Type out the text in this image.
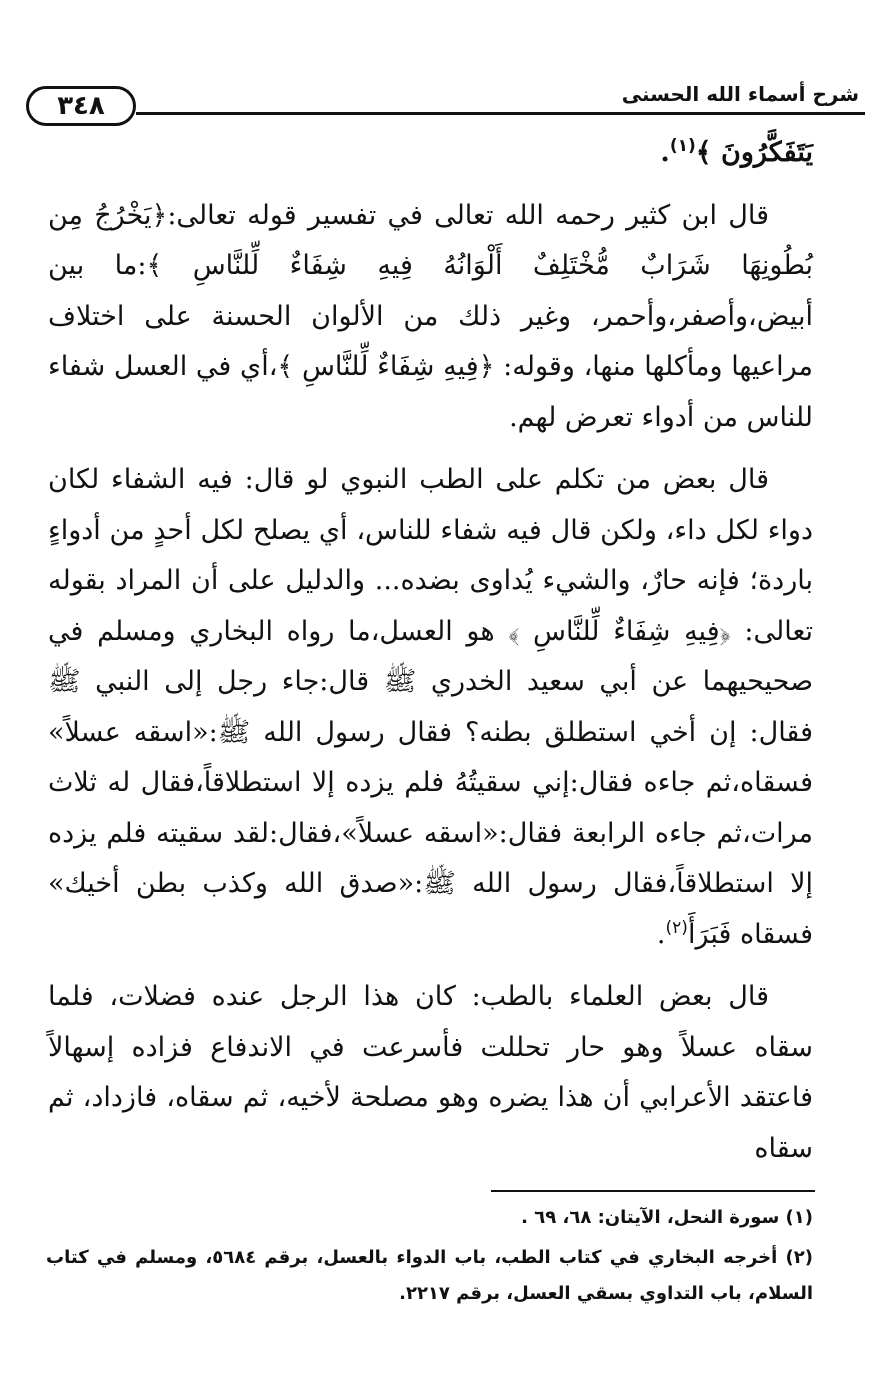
شرح أسماء الله الحسنى
٣٤٨

يَتَفَكَّرُونَ ﴾$^{(١)}$.

قال ابن كثير رحمه الله تعالى في تفسير قوله تعالى:﴿يَخْرُجُ مِن بُطُونِهَا شَرَابٌ مُّخْتَلِفٌ أَلْوَانُهُ فِيهِ شِفَاءٌ لِّلنَّاسِ ﴾:ما بين أبيض،وأصفر،وأحمر، وغير ذلك من الألوان الحسنة على اختلاف مراعيها ومأكلها منها، وقوله: ﴿فِيهِ شِفَاءٌ لِّلنَّاسِ ﴾،أي في العسل شفاء للناس من أدواء تعرض لهم.

قال بعض من تكلم على الطب النبوي لو قال: فيه الشفاء لكان دواء لكل داء، ولكن قال فيه شفاء للناس، أي يصلح لكل أحدٍ من أدواءٍ باردة؛ فإنه حارٌ، والشيء يُداوى بضده... والدليل على أن المراد بقوله تعالى: ﴿فِيهِ شِفَاءٌ لِّلنَّاسِ ﴾ هو العسل،ما رواه البخاري ومسلم في صحيحيهما عن أبي سعيد الخدري ﷺ قال:جاء رجل إلى النبي ﷺ فقال: إن أخي استطلق بطنه؟ فقال رسول الله ﷺ:«اسقه عسلاً» فسقاه،ثم جاءه فقال:إني سقيتُهُ فلم يزده إلا استطلاقاً،فقال له ثلاث مرات،ثم جاءه الرابعة فقال:«اسقه عسلاً»،فقال:لقد سقيته فلم يزده إلا استطلاقاً،فقال رسول الله ﷺ:«صدق الله وكذب بطن أخيك» فسقاه فَبَرَأَ$^{(٢)}$.

قال بعض العلماء بالطب: كان هذا الرجل عنده فضلات، فلما سقاه عسلاً وهو حار تحللت فأسرعت في الاندفاع فزاده إسهالاً فاعتقد الأعرابي أن هذا يضره وهو مصلحة لأخيه، ثم سقاه، فازداد، ثم سقاه

(١) سورة النحل، الآيتان: ٦٨، ٦٩ .

(٢) أخرجه البخاري في كتاب الطب، باب الدواء بالعسل، برقم ٥٦٨٤، ومسلم في كتاب السلام، باب التداوي بسقي العسل، برقم ٢٢١٧.
